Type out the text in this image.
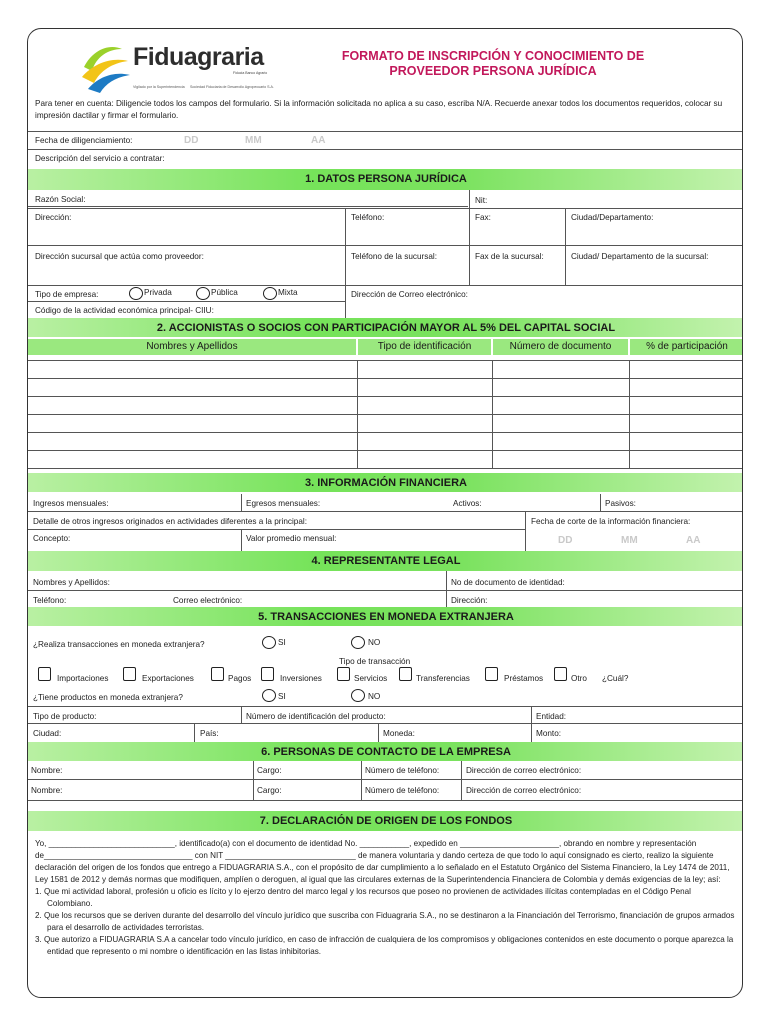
Fiduagraria
Fiducia Banco Agrario
Vigilado por la Superintendencia Sociedad Fiduciaria de Desarrollo Agropecuario S.A.
FORMATO DE INSCRIPCIÓN Y CONOCIMIENTO DE
PROVEEDOR PERSONA JURÍDICA
Para tener en cuenta: Diligencie todos los campos del formulario. Si la información solicitada no aplica a su caso, escriba N/A. Recuerde anexar todos los documentos requeridos, colocar su impresión dactilar y firmar el formulario.
Fecha de diligenciamiento:	DD	MM	AA
Descripción del servicio a contratar:
1. DATOS PERSONA JURÍDICA
Razón Social:	Nit:
Dirección:	Teléfono:	Fax:	Ciudad/Departamento:
Dirección sucursal que actúa como proveedor:	Teléfono de la sucursal:	Fax de la sucursal:	Ciudad/ Departamento de la sucursal:
Tipo de empresa:	Privada	Pública	Mixta	Dirección de Correo electrónico:
Código de la actividad económica principal- CIIU:
2. ACCIONISTAS O SOCIOS CON PARTICIPACIÓN MAYOR AL 5% DEL CAPITAL SOCIAL
Nombres y Apellidos	Tipo de identificación	Número de documento	% de participación
3. INFORMACIÓN FINANCIERA
Ingresos mensuales:	Egresos mensuales:	Activos:	Pasivos:
Detalle de otros ingresos originados en actividades diferentes a la principal:	Fecha de corte de la información financiera:
Concepto:	Valor promedio mensual:	DD	MM	AA
4. REPRESENTANTE LEGAL
Nombres y Apellidos:	No de documento de identidad:
Teléfono:	Correo electrónico:	Dirección:
5. TRANSACCIONES EN MONEDA EXTRANJERA
¿Realiza transacciones en moneda extranjera?	SI	NO
Tipo de transacción
Importaciones	Exportaciones	Pagos	Inversiones	Servicios	Transferencias	Préstamos	Otro ¿Cuál?
¿Tiene productos en moneda extranjera?	SI	NO
Tipo de producto:	Número de identificación del producto:	Entidad:
Ciudad:	País:	Moneda:	Monto:
6. PERSONAS DE CONTACTO DE LA EMPRESA
Nombre:	Cargo:	Número de teléfono:	Dirección de correo electrónico:
Nombre:	Cargo:	Número de teléfono:	Dirección de correo electrónico:
7. DECLARACIÓN DE ORIGEN DE LOS FONDOS

Yo, ____________________________, identificado(a) con el documento de identidad No. ___________, expedido en ______________________, obrando en nombre y representación de_________________________________ con NIT _____________________________ de manera voluntaria y dando certeza de que todo lo aquí consignado es cierto, realizo la siguiente declaración del origen de los fondos que entrego a FIDUAGRARIA S.A., con el propósito de dar cumplimiento a lo señalado en el Estatuto Orgánico del Sistema Financiero, la Ley 1474 de 2011, Ley 1581 de 2012 y demás normas que modifiquen, amplíen o deroguen, al igual que las circulares externas de la Superintendencia Financiera de Colombia y demás exigencias de la ley; así:

1. Que mi actividad laboral, profesión u oficio es lícito y lo ejerzo dentro del marco legal y los recursos que poseo no provienen de actividades ilícitas contempladas en el Código Penal Colombiano.

2. Que los recursos que se deriven durante del desarrollo del vínculo jurídico que suscriba con Fiduagraria S.A., no se destinaron a la Financiación del Terrorismo, financiación de grupos armados para el desarrollo de actividades terroristas.

3. Que autorizo a FIDUAGRARIA S.A a cancelar todo vínculo jurídico, en caso de infracción de cualquiera de los compromisos y obligaciones contenidos en este documento o porque aparezca la entidad que represento o mi nombre o identificación en las listas inhibitorias.
